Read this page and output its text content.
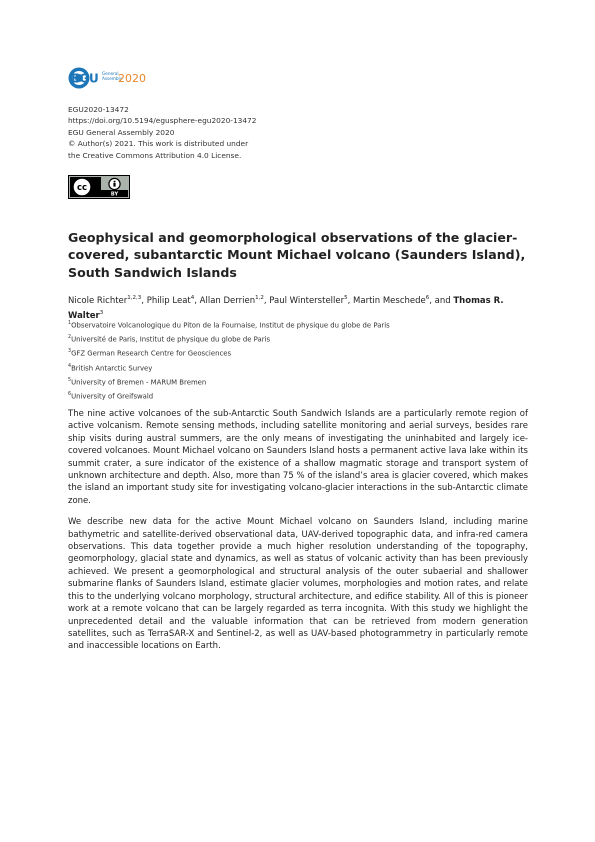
EGU General
Assembly
2020
EGU2020-13472
https://doi.org/10.5194/egusphere-egu2020-13472
EGU General Assembly 2020
© Author(s) 2021. This work is distributed under
the Creative Commons Attribution 4.0 License.
cc
BY
Geophysical and geomorphological observations of the glacier-covered, subantarctic Mount Michael volcano (Saunders Island), South Sandwich Islands
Nicole Richter$^{1,2,3}$, Philip Leat$^4$, Allan Derrien$^{1,2}$, Paul Wintersteller$^5$, Martin Meschede$^6$, and Thomas R. Walter$^3$
$^1$Observatoire Volcanologique du Piton de la Fournaise, Institut de physique du globe de Paris
$^2$Université de Paris, Institut de physique du globe de Paris
$^3$GFZ German Research Centre for Geosciences
$^4$British Antarctic Survey
$^5$University of Bremen - MARUM Bremen
$^6$University of Greifswald

The nine active volcanoes of the sub-Antarctic South Sandwich Islands are a particularly remote region of active volcanism. Remote sensing methods, including satellite monitoring and aerial surveys, besides rare ship visits during austral summers, are the only means of investigating the uninhabited and largely ice-covered volcanoes. Mount Michael volcano on Saunders Island hosts a permanent active lava lake within its summit crater, a sure indicator of the existence of a shallow magmatic storage and transport system of unknown architecture and depth. Also, more than 75 % of the island’s area is glacier covered, which makes the island an important study site for investigating volcano-glacier interactions in the sub-Antarctic climate zone.

We describe new data for the active Mount Michael volcano on Saunders Island, including marine bathymetric and satellite-derived observational data, UAV-derived topographic data, and infra-red camera observations. This data together provide a much higher resolution understanding of the topography, geomorphology, glacial state and dynamics, as well as status of volcanic activity than has been previously achieved. We present a geomorphological and structural analysis of the outer subaerial and shallower submarine flanks of Saunders Island, estimate glacier volumes, morphologies and motion rates, and relate this to the underlying volcano morphology, structural architecture, and edifice stability. All of this is pioneer work at a remote volcano that can be largely regarded as terra incognita. With this study we highlight the unprecedented detail and the valuable information that can be retrieved from modern generation satellites, such as TerraSAR-X and Sentinel-2, as well as UAV-based photogrammetry in particularly remote and inaccessible locations on Earth.
